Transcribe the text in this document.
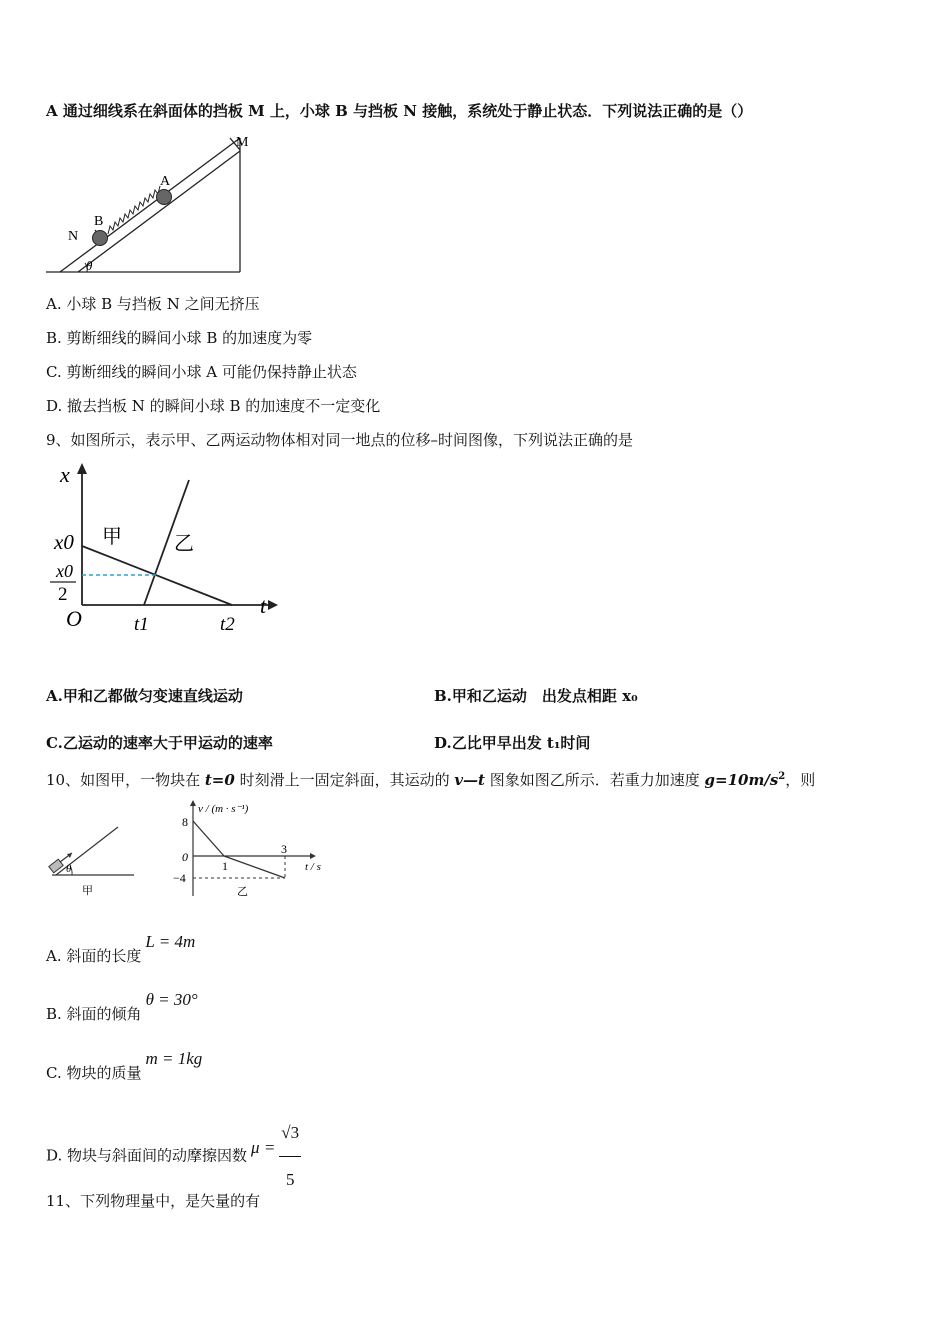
A 通过细线系在斜面体的挡板 M 上，小球 B 与挡板 N 接触，系统处于静止状态．下列说法正确的是（）
M
A
B
N
θ
A. 小球 B 与挡板 N 之间无挤压
B. 剪断细线的瞬间小球 B 的加速度为零
C. 剪断细线的瞬间小球 A 可能仍保持静止状态
D. 撤去挡板 N 的瞬间小球 B 的加速度不一定变化
9、如图所示，表示甲、乙两运动物体相对同一地点的位移–时间图像，下列说法正确的是
x
t
O
x0
x0
2
t1	t2
甲	乙
A.甲和乙都做匀变速直线运动	B.甲和乙运动　出发点相距 x₀
C.乙运动的速率大于甲运动的速率	D.乙比甲早出发 t₁时间
10、如图甲，一物块在 t=0 时刻滑上一固定斜面，其运动的 v—t 图象如图乙所示．若重力加速度 $g=10m/s^2$，则
θ
甲
v / (m · s⁻¹)
t / s
8
0
−4
1
3
乙
A. 斜面的长度L = 4m
B. 斜面的倾角θ = 30°
C. 物块的质量m = 1kg
D. 物块与斜面间的动摩擦因数 $\mu = \frac{√3}{5}$
11、下列物理量中，是矢量的有
